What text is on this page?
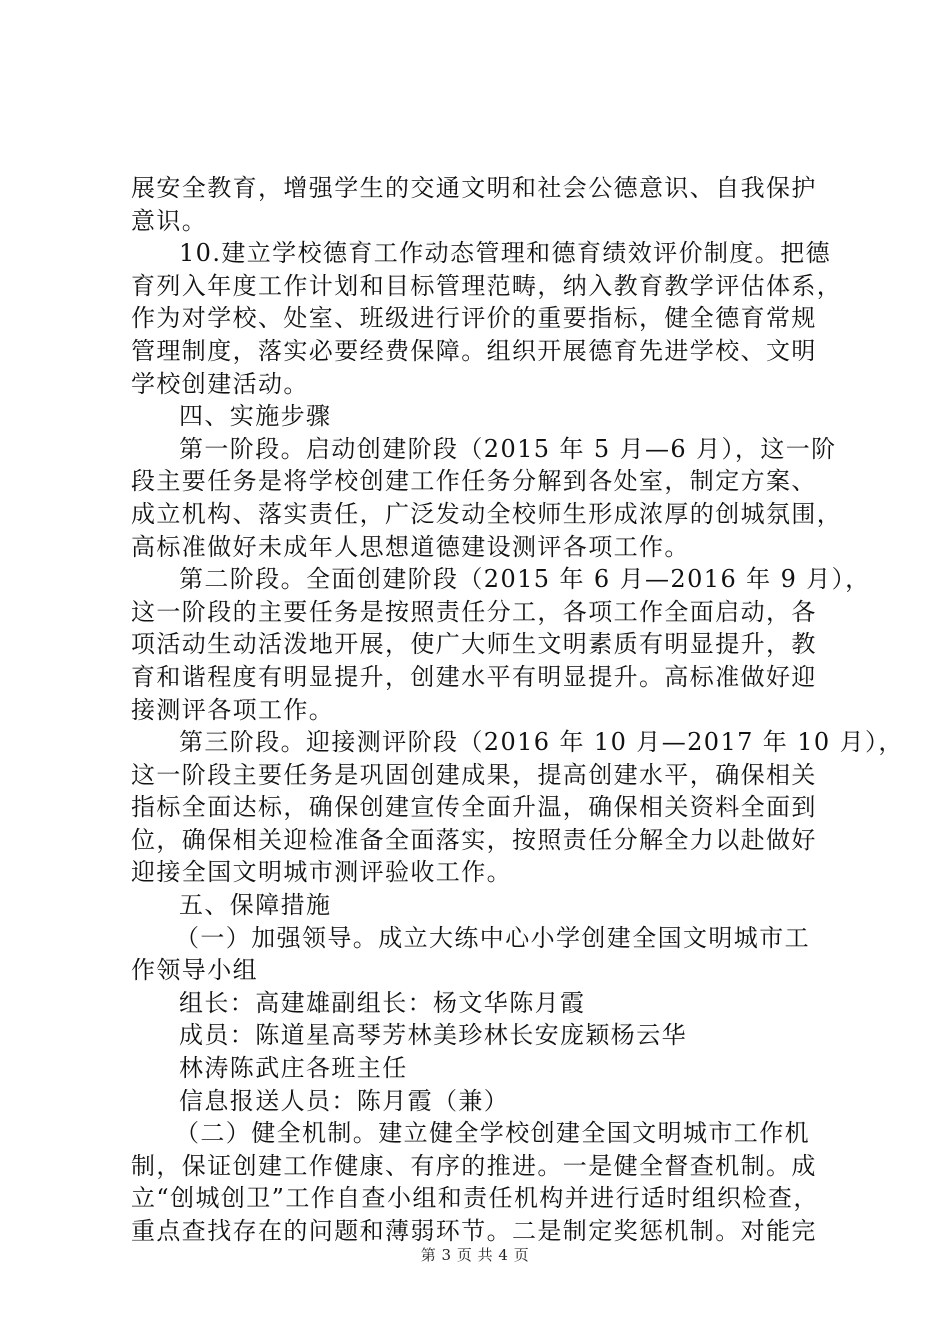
展安全教育，增强学生的交通文明和社会公德意识、自我保护

意识。

10.建立学校德育工作动态管理和德育绩效评价制度。把德

育列入年度工作计划和目标管理范畴，纳入教育教学评估体系，

作为对学校、处室、班级进行评价的重要指标，健全德育常规

管理制度，落实必要经费保障。组织开展德育先进学校、文明

学校创建活动。

四、实施步骤

第一阶段。启动创建阶段（2015 年 5 月—6 月），这一阶

段主要任务是将学校创建工作任务分解到各处室，制定方案、

成立机构、落实责任，广泛发动全校师生形成浓厚的创城氛围，

高标准做好未成年人思想道德建设测评各项工作。

第二阶段。全面创建阶段（2015 年 6 月—2016 年 9 月），

这一阶段的主要任务是按照责任分工，各项工作全面启动，各

项活动生动活泼地开展，使广大师生文明素质有明显提升，教

育和谐程度有明显提升，创建水平有明显提升。高标准做好迎

接测评各项工作。

第三阶段。迎接测评阶段（2016 年 10 月—2017 年 10 月），

这一阶段主要任务是巩固创建成果，提高创建水平，确保相关

指标全面达标，确保创建宣传全面升温，确保相关资料全面到

位，确保相关迎检准备全面落实，按照责任分解全力以赴做好

迎接全国文明城市测评验收工作。

五、保障措施

（一）加强领导。成立大练中心小学创建全国文明城市工

作领导小组

组长：高建雄副组长：杨文华陈月霞

成员：陈道星高琴芳林美珍林长安庞颖杨云华

林涛陈武庄各班主任

信息报送人员：陈月霞（兼）

（二）健全机制。建立健全学校创建全国文明城市工作机

制，保证创建工作健康、有序的推进。一是健全督查机制。成

立“创城创卫”工作自查小组和责任机构并进行适时组织检查，

重点查找存在的问题和薄弱环节。二是制定奖惩机制。对能完

第 3 页 共 4 页
